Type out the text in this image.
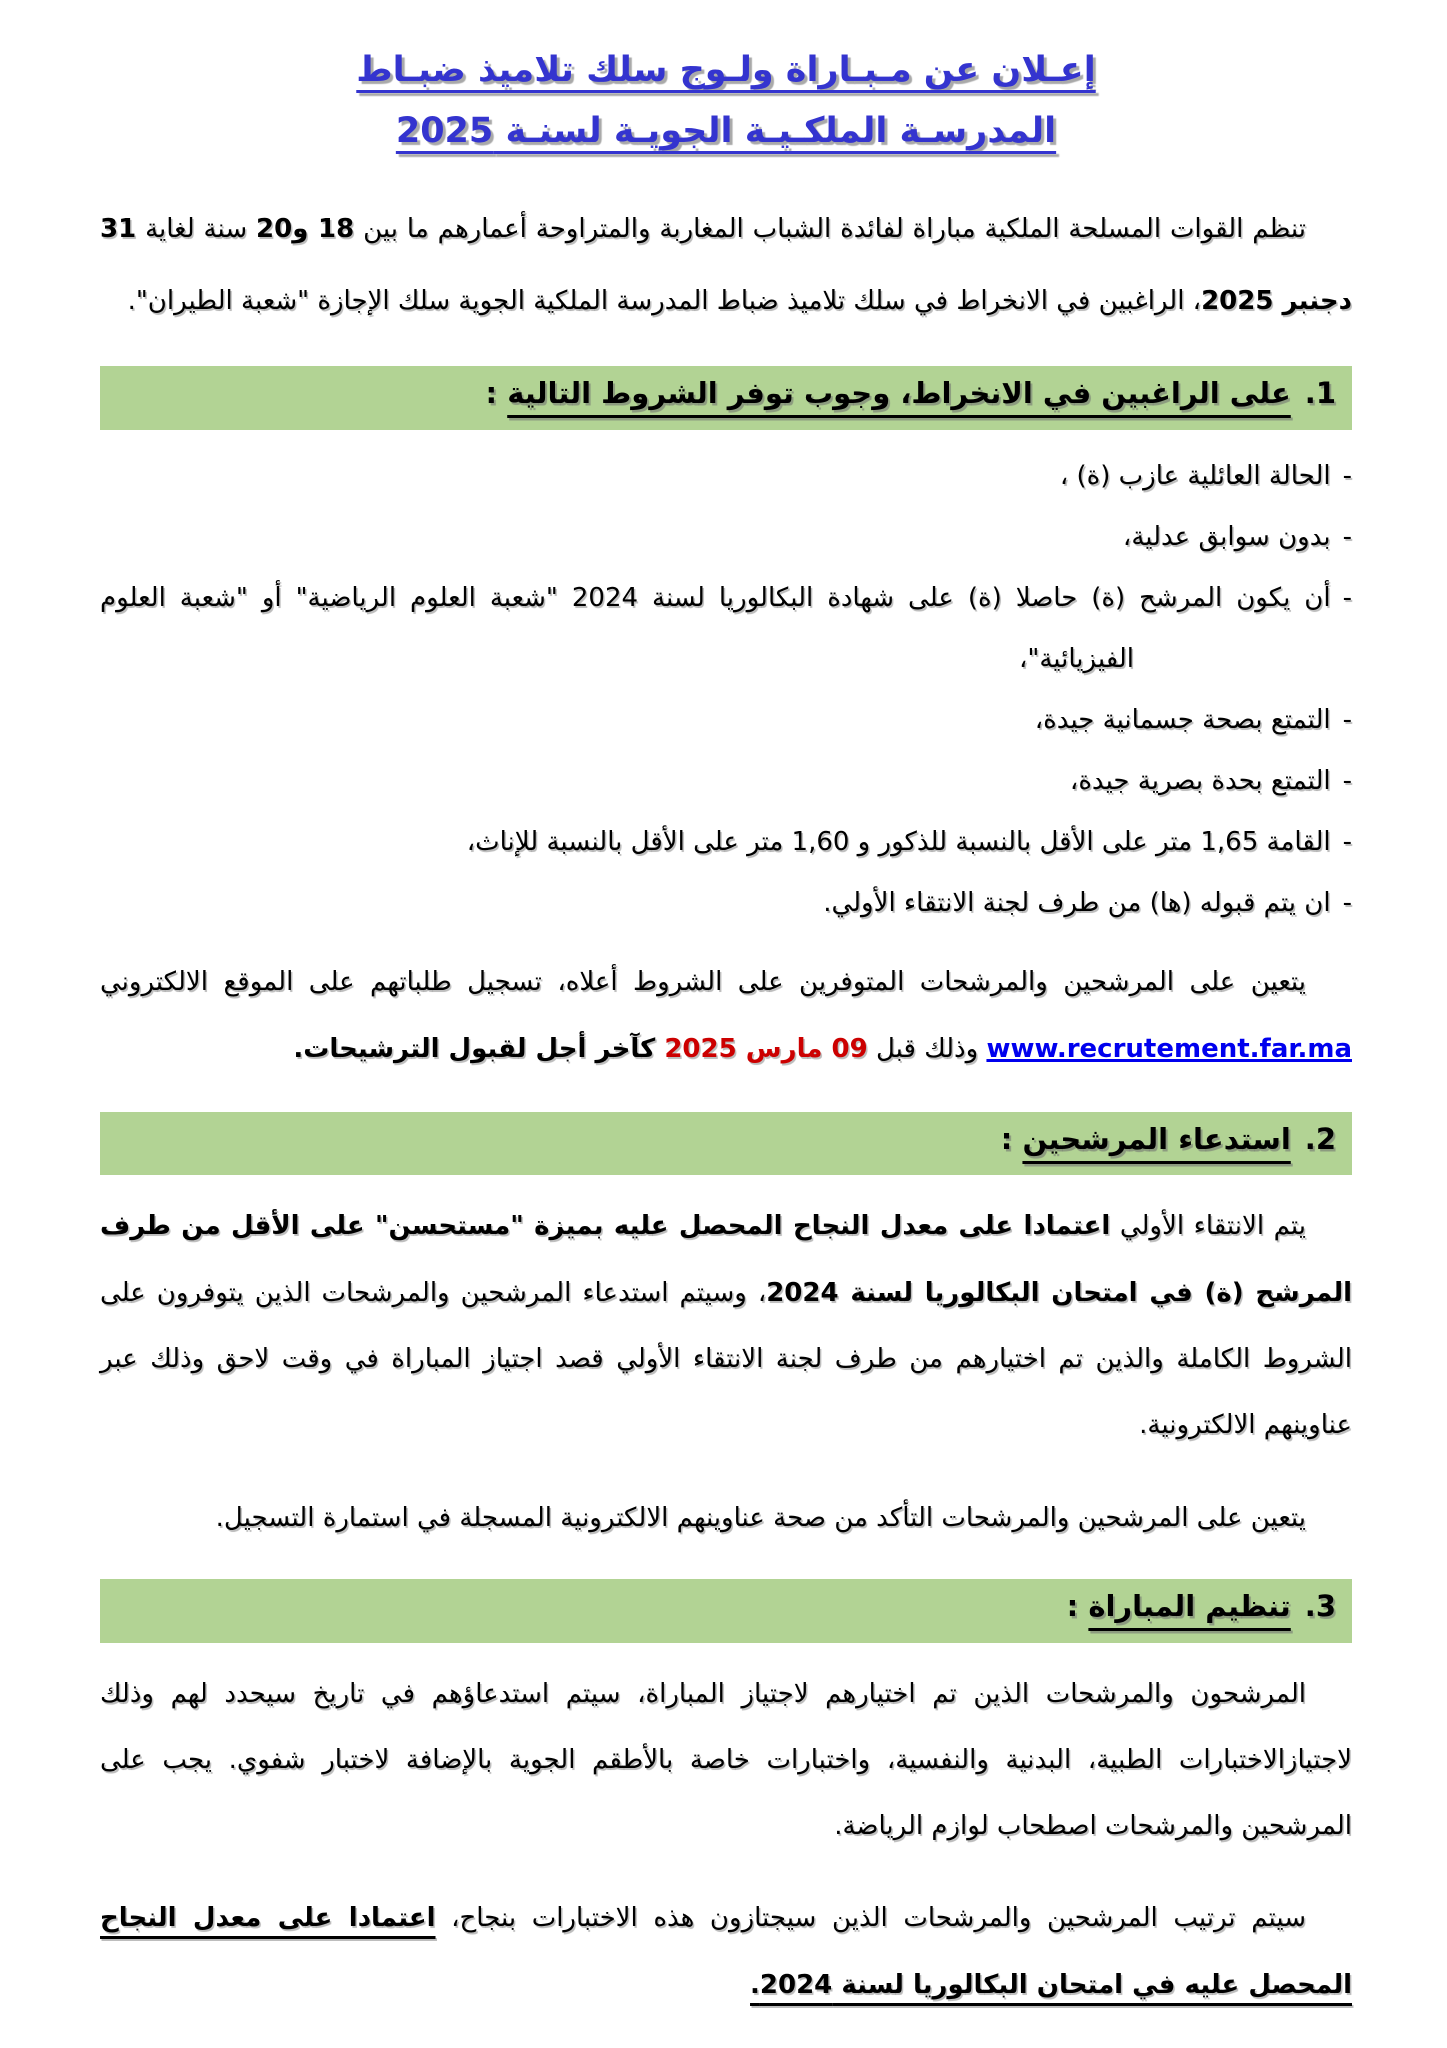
إعـلان عن مـبـاراة ولـوج سلك تلاميذ ضبـاط
المدرسـة الملكـيـة الجويـة لسنـة 2025

تنظم القوات المسلحة الملكية مباراة لفائدة الشباب المغاربة والمتراوحة أعمارهم ما بين 18 و20 سنة لغاية 31 دجنبر 2025، الراغبين في الانخراط في سلك تلاميذ ضباط المدرسة الملكية الجوية سلك الإجازة "شعبة الطيران".

1.على الراغبين في الانخراط، وجوب توفر الشروط التالية :
-الحالة العائلية عازب (ة) ،
-بدون سوابق عدلية،
-أن يكون المرشح (ة) حاصلا (ة) على شهادة البكالوريا لسنة 2024 "شعبة العلوم الرياضية" أو "شعبة العلوم الفيزيائية"،
-التمتع بصحة جسمانية جيدة،
-التمتع بحدة بصرية جيدة،
-القامة 1,65 متر على الأقل بالنسبة للذكور و 1,60 متر على الأقل بالنسبة للإناث،
-ان يتم قبوله (ها) من طرف لجنة الانتقاء الأولي.

يتعين على المرشحين والمرشحات المتوفرين على الشروط أعلاه، تسجيل طلباتهم على الموقع الالكتروني www.recrutement.far.ma وذلك قبل 09 مارس 2025 كآخر أجل لقبول الترشيحات.

2.استدعاء المرشحين :

يتم الانتقاء الأولي اعتمادا على معدل النجاح المحصل عليه بميزة "مستحسن" على الأقل من طرف المرشح (ة) في امتحان البكالوريا لسنة 2024، وسيتم استدعاء المرشحين والمرشحات الذين يتوفرون على الشروط الكاملة والذين تم اختيارهم من طرف لجنة الانتقاء الأولي قصد اجتياز المباراة في وقت لاحق وذلك عبر عناوينهم الالكترونية.

يتعين على المرشحين والمرشحات التأكد من صحة عناوينهم الالكترونية المسجلة في استمارة التسجيل.

3.تنظيم المباراة :

المرشحون والمرشحات الذين تم اختيارهم لاجتياز المباراة، سيتم استدعاؤهم في تاريخ سيحدد لهم وذلك لاجتيازالاختبارات الطبية، البدنية والنفسية، واختبارات خاصة بالأطقم الجوية بالإضافة لاختبار شفوي. يجب على المرشحين والمرشحات اصطحاب لوازم الرياضة.

سيتم ترتيب المرشحين والمرشحات الذين سيجتازون هذه الاختبارات بنجاح، اعتمادا على معدل النجاح المحصل عليه في امتحان البكالوريا لسنة 2024.
